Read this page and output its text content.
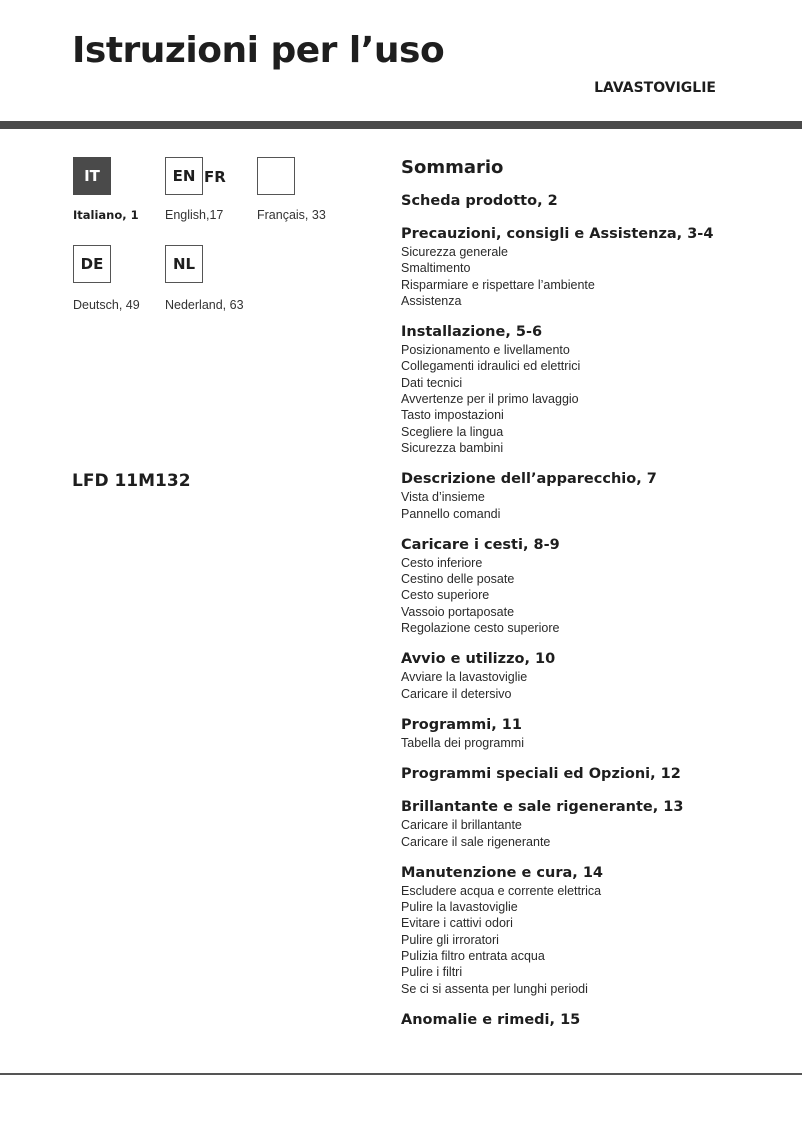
Istruzioni per l’uso
LAVASTOVIGLIE
IT
Italiano, 1
EN FR
English,17	Français, 33
DE
Deutsch, 49
NL
Nederland, 63
LFD 11M132
Sommario
Scheda prodotto, 2
Precauzioni, consigli e Assistenza, 3-4
Sicurezza generale
Smaltimento
Risparmiare e rispettare l’ambiente
Assistenza
Installazione, 5-6
Posizionamento e livellamento
Collegamenti idraulici ed elettrici
Dati tecnici
Avvertenze per il primo lavaggio
Tasto impostazioni
Scegliere la lingua
Sicurezza bambini
Descrizione dell’apparecchio, 7
Vista d’insieme
Pannello comandi
Caricare i cesti, 8-9
Cesto inferiore
Cestino delle posate
Cesto superiore
Vassoio portaposate
Regolazione cesto superiore
Avvio e utilizzo, 10
Avviare la lavastoviglie
Caricare il detersivo
Programmi, 11
Tabella dei programmi
Programmi speciali ed Opzioni, 12
Brillantante e sale rigenerante, 13
Caricare il brillantante
Caricare il sale rigenerante
Manutenzione e cura, 14
Escludere acqua e corrente elettrica
Pulire la lavastoviglie
Evitare i cattivi odori
Pulire gli irroratori
Pulizia filtro entrata acqua
Pulire i filtri
Se ci si assenta per lunghi periodi
Anomalie e rimedi, 15
